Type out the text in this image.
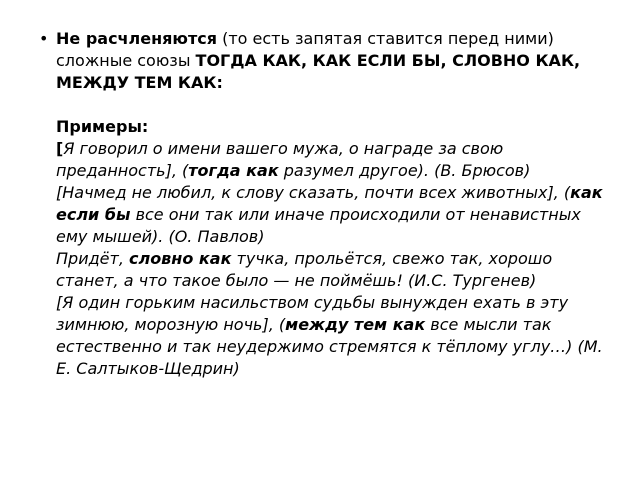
• Не расчленяются (то есть запятая ставится перед ними) сложные союзы ТОГДА КАК, КАК ЕСЛИ БЫ, СЛОВНО КАК, МЕЖДУ ТЕМ КАК:
Примеры:
[Я говорил о имени вашего мужа, о награде за свою преданность], (тогда как разумел другое). (В. Брюсов)
[Начмед не любил, к слову сказать, почти всех животных], (как если бы все они так или иначе происходили от ненавистных ему мышей). (О. Павлов)
Придёт, словно как тучка, прольётся, свежо так, хорошо станет, а что такое было — не поймёшь! (И.С. Тургенев)
[Я один горьким насильством судьбы вынужден ехать в эту зимнюю, морозную ночь], (между тем как все мысли так естественно и так неудержимо стремятся к тёплому углу…) (М. Е. Салтыков-Щедрин)
